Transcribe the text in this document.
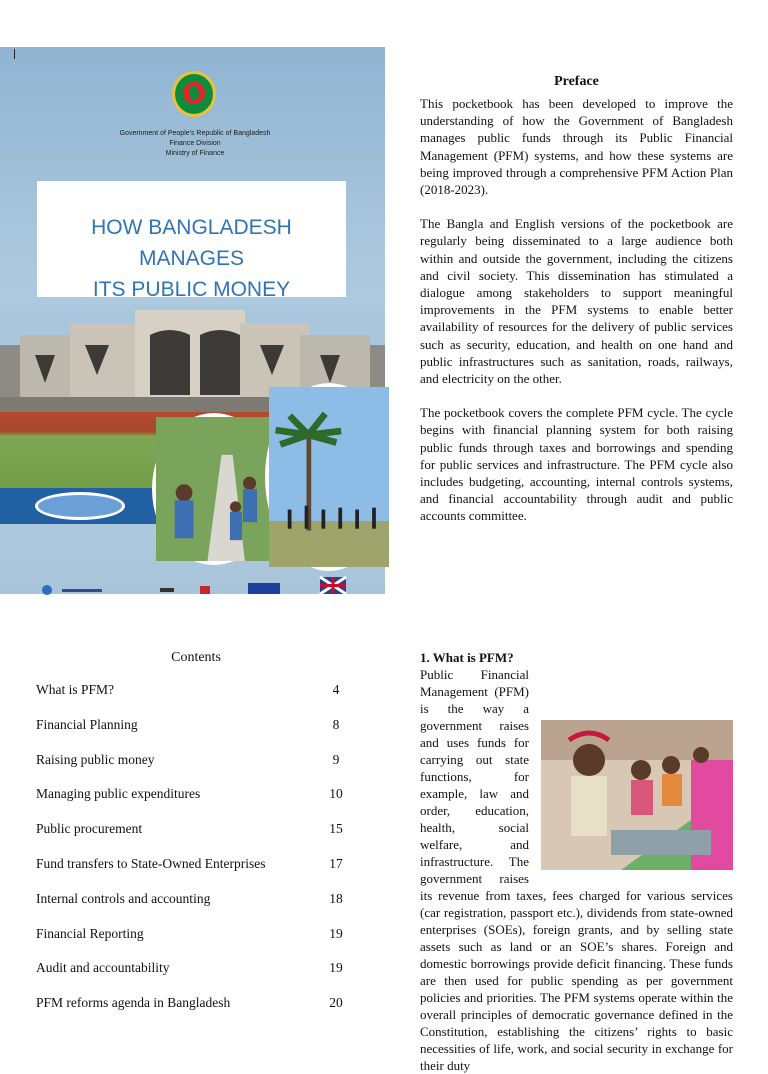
Government of People's Republic of Bangladesh
Finance Division
Ministry of Finance
HOW BANGLADESH MANAGES
ITS PUBLIC MONEY
Preface

This pocketbook has been developed to improve the understanding of how the Government of Bangladesh manages public funds through its Public Financial Management (PFM) systems, and how these systems are being improved through a comprehensive PFM Action Plan (2018-2023).

The Bangla and English versions of the pocketbook are regularly being disseminated to a large audience both within and outside the government, including the citizens and civil society. This dissemination has stimulated a dialogue among stakeholders to support meaningful improvements in the PFM systems to enable better availability of resources for the delivery of public services such as security, education, and health on one hand and public infrastructures such as sanitation, roads, railways, and electricity on the other.

The pocketbook covers the complete PFM cycle. The cycle begins with financial planning system for both raising public funds through taxes and borrowings and spending for public services and infrastructure. The PFM cycle also includes budgeting, accounting, internal controls systems, and financial accountability through audit and public accounts committee.

Contents
What is PFM?	4
Financial Planning	8
Raising public money	9
Managing public expenditures	10
Public procurement	15
Fund transfers to State-Owned Enterprises	17
Internal controls and accounting	18
Financial Reporting	19
Audit and accountability	19
PFM reforms agenda in Bangladesh	20
1. What is PFM?

Public Financial Management (PFM) is the way a government raises and uses funds for carrying out state functions, for example, law and order, education, health, social welfare, and infrastructure. The government raises its revenue from taxes, fees charged for various services (car registration, passport etc.), dividends from state-owned enterprises (SOEs), foreign grants, and by selling state assets such as land or an SOE’s shares. Foreign and domestic borrowings provide deficit financing. These funds are then used for public spending as per government policies and priorities. The PFM systems operate within the overall principles of democratic governance defined in the Constitution, establishing the citizens’ rights to basic necessities of life, work, and social security in exchange for their duty
